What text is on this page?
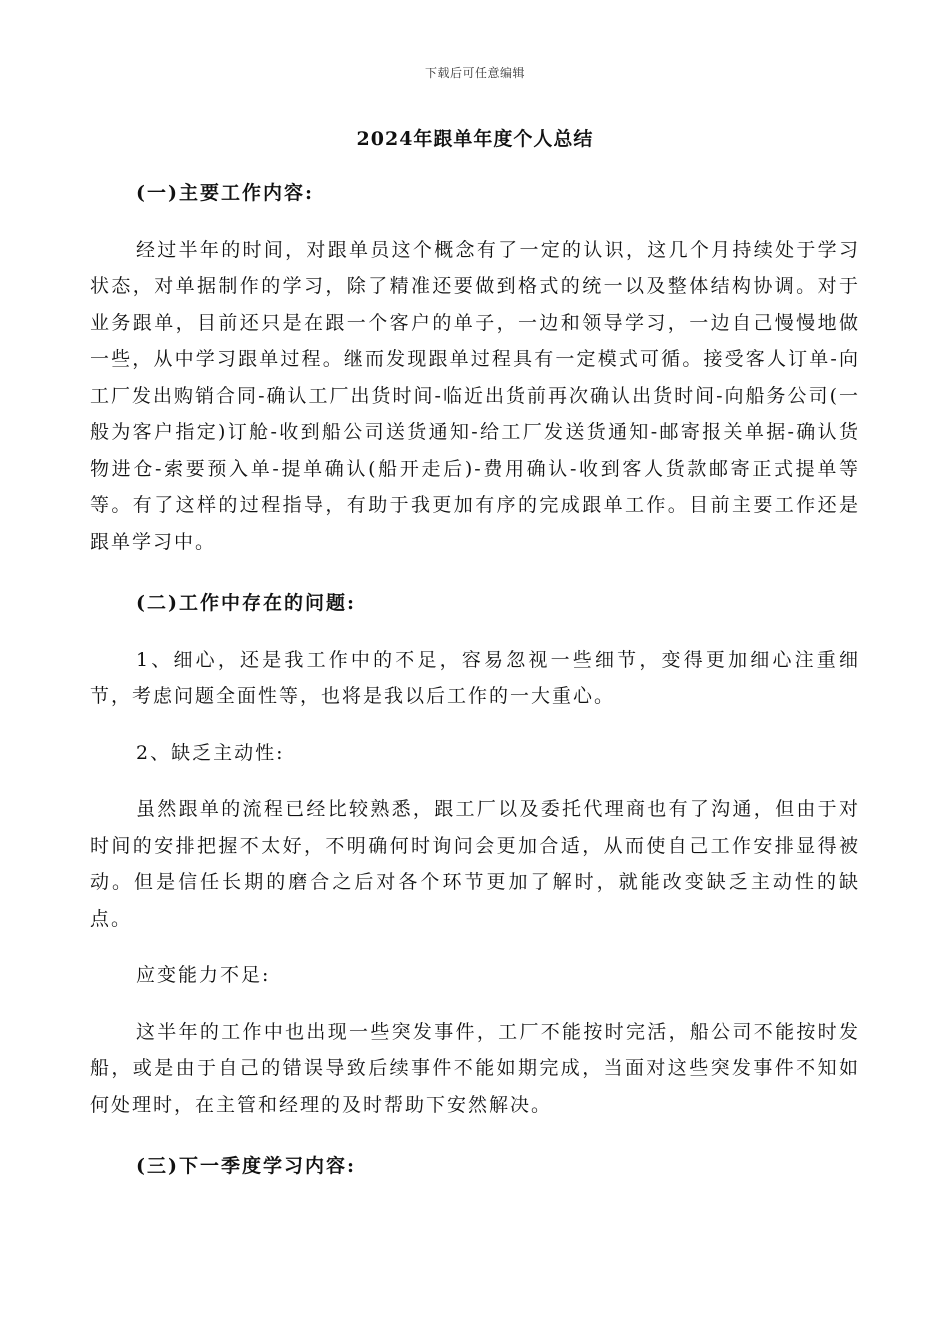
下载后可任意编辑
2024年跟单年度个人总结

(一)主要工作内容:

经过半年的时间，对跟单员这个概念有了一定的认识，这几个月持续处于学习状态，对单据制作的学习，除了精准还要做到格式的统一以及整体结构协调。对于业务跟单，目前还只是在跟一个客户的单子，一边和领导学习，一边自己慢慢地做一些，从中学习跟单过程。继而发现跟单过程具有一定模式可循。接受客人订单-向工厂发出购销合同-确认工厂出货时间-临近出货前再次确认出货时间-向船务公司(一般为客户指定)订舱-收到船公司送货通知-给工厂发送货通知-邮寄报关单据-确认货物进仓-索要预入单-提单确认(船开走后)-费用确认-收到客人货款邮寄正式提单等等。有了这样的过程指导，有助于我更加有序的完成跟单工作。目前主要工作还是跟单学习中。

(二)工作中存在的问题:

1、细心，还是我工作中的不足，容易忽视一些细节，变得更加细心注重细节，考虑问题全面性等，也将是我以后工作的一大重心。

2、缺乏主动性:

虽然跟单的流程已经比较熟悉，跟工厂以及委托代理商也有了沟通，但由于对时间的安排把握不太好，不明确何时询问会更加合适，从而使自己工作安排显得被动。但是信任长期的磨合之后对各个环节更加了解时，就能改变缺乏主动性的缺点。

应变能力不足:

这半年的工作中也出现一些突发事件，工厂不能按时完活，船公司不能按时发船，或是由于自己的错误导致后续事件不能如期完成，当面对这些突发事件不知如何处理时，在主管和经理的及时帮助下安然解决。

(三)下一季度学习内容:
